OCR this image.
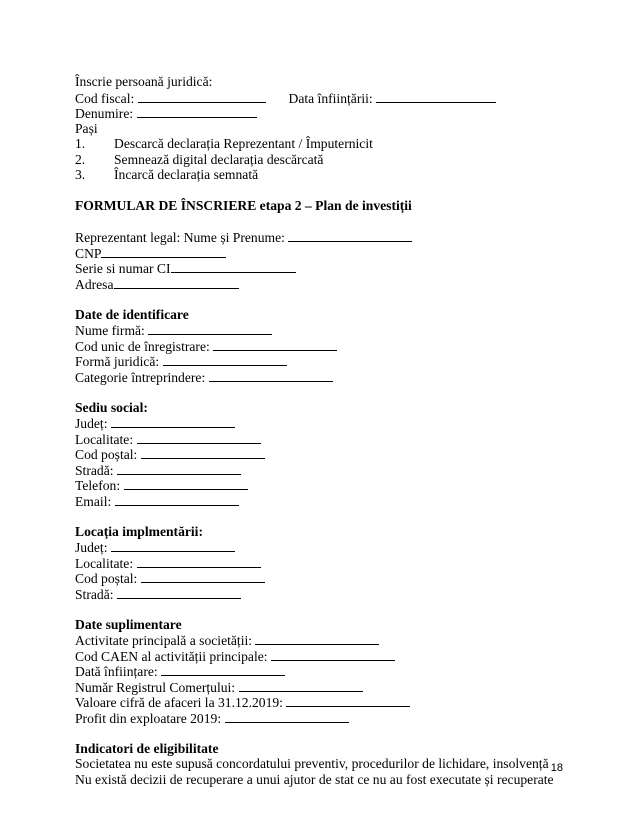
Înscrie persoană juridică:
Cod fiscal:	Data înființării:
Denumire:
Pași
1. Descarcă declarația Reprezentant / Împuternicit
2. Semnează digital declarația descărcată
3. Încarcă declarația semnată
FORMULAR DE ÎNSCRIERE etapa 2 – Plan de investiții
Reprezentant legal: Nume și Prenume:
CNP
Serie si numar CI
Adresa
Date de identificare
Nume firmă:
Cod unic de înregistrare:
Formă juridică:
Categorie întreprindere:
Sediu social:
Județ:
Localitate:
Cod poștal:
Stradă:
Telefon:
Email:
Locația implmentării:
Județ:
Localitate:
Cod poștal:
Stradă:
Date suplimentare
Activitate principală a societății:
Cod CAEN al activității principale:
Dată înființare:
Număr Registrul Comerțului:
Valoare cifră de afaceri la 31.12.2019:
Profit din exploatare 2019:
Indicatori de eligibilitate
Societatea nu este supusă concordatului preventiv, procedurilor de lichidare, insolvență
Nu există decizii de recuperare a unui ajutor de stat ce nu au fost executate și recuperate
18
